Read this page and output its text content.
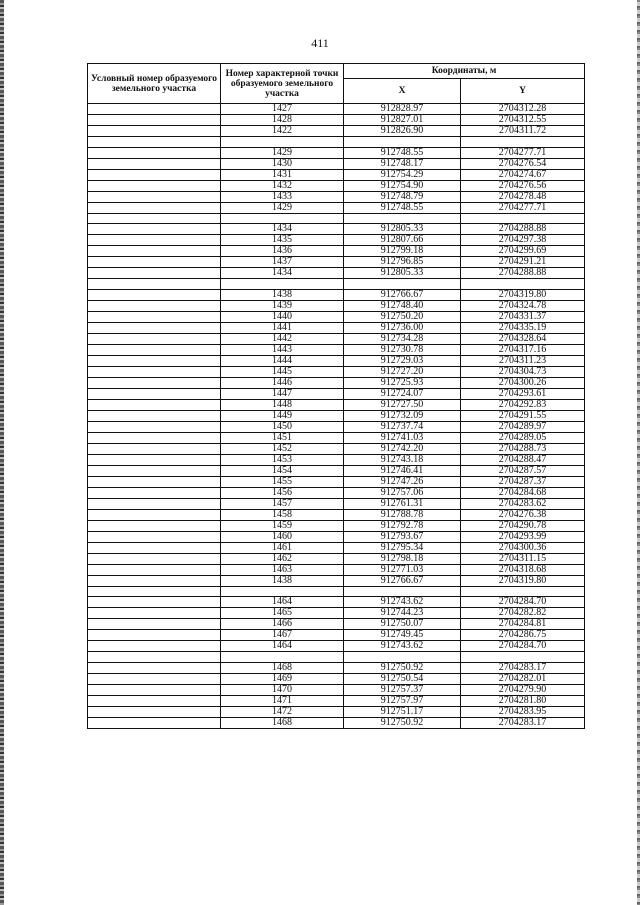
411
Условный номер образуемого земельного участка	Номер характерной точки образуемого земельного участка	Координаты, м	
		X	Y
	1427	912828.97	2704312.28
	1428	912827.01	2704312.55
	1422	912826.90	2704311.72

	1429	912748.55	2704277.71
	1430	912748.17	2704276.54
	1431	912754.29	2704274.67
	1432	912754.90	2704276.56
	1433	912748.79	2704278.48
	1429	912748.55	2704277.71

	1434	912805.33	2704288.88
	1435	912807.66	2704297.38
	1436	912799.18	2704299.69
	1437	912796.85	2704291.21
	1434	912805.33	2704288.88

	1438	912766.67	2704319.80
	1439	912748.40	2704324.78
	1440	912750.20	2704331.37
	1441	912736.00	2704335.19
	1442	912734.28	2704328.64
	1443	912730.78	2704317.16
	1444	912729.03	2704311.23
	1445	912727.20	2704304.73
	1446	912725.93	2704300.26
	1447	912724.07	2704293.61
	1448	912727.50	2704292.83
	1449	912732.09	2704291.55
	1450	912737.74	2704289.97
	1451	912741.03	2704289.05
	1452	912742.20	2704288.73
	1453	912743.18	2704288.47
	1454	912746.41	2704287.57
	1455	912747.26	2704287.37
	1456	912757.06	2704284.68
	1457	912761.31	2704283.62
	1458	912788.78	2704276.38
	1459	912792.78	2704290.78
	1460	912793.67	2704293.99
	1461	912795.34	2704300.36
	1462	912798.18	2704311.15
	1463	912771.03	2704318.68
	1438	912766.67	2704319.80

	1464	912743.62	2704284.70
	1465	912744.23	2704282.82
	1466	912750.07	2704284.81
	1467	912749.45	2704286.75
	1464	912743.62	2704284.70

	1468	912750.92	2704283.17
	1469	912750.54	2704282.01
	1470	912757.37	2704279.90
	1471	912757.97	2704281.80
	1472	912751.17	2704283.95
	1468	912750.92	2704283.17
